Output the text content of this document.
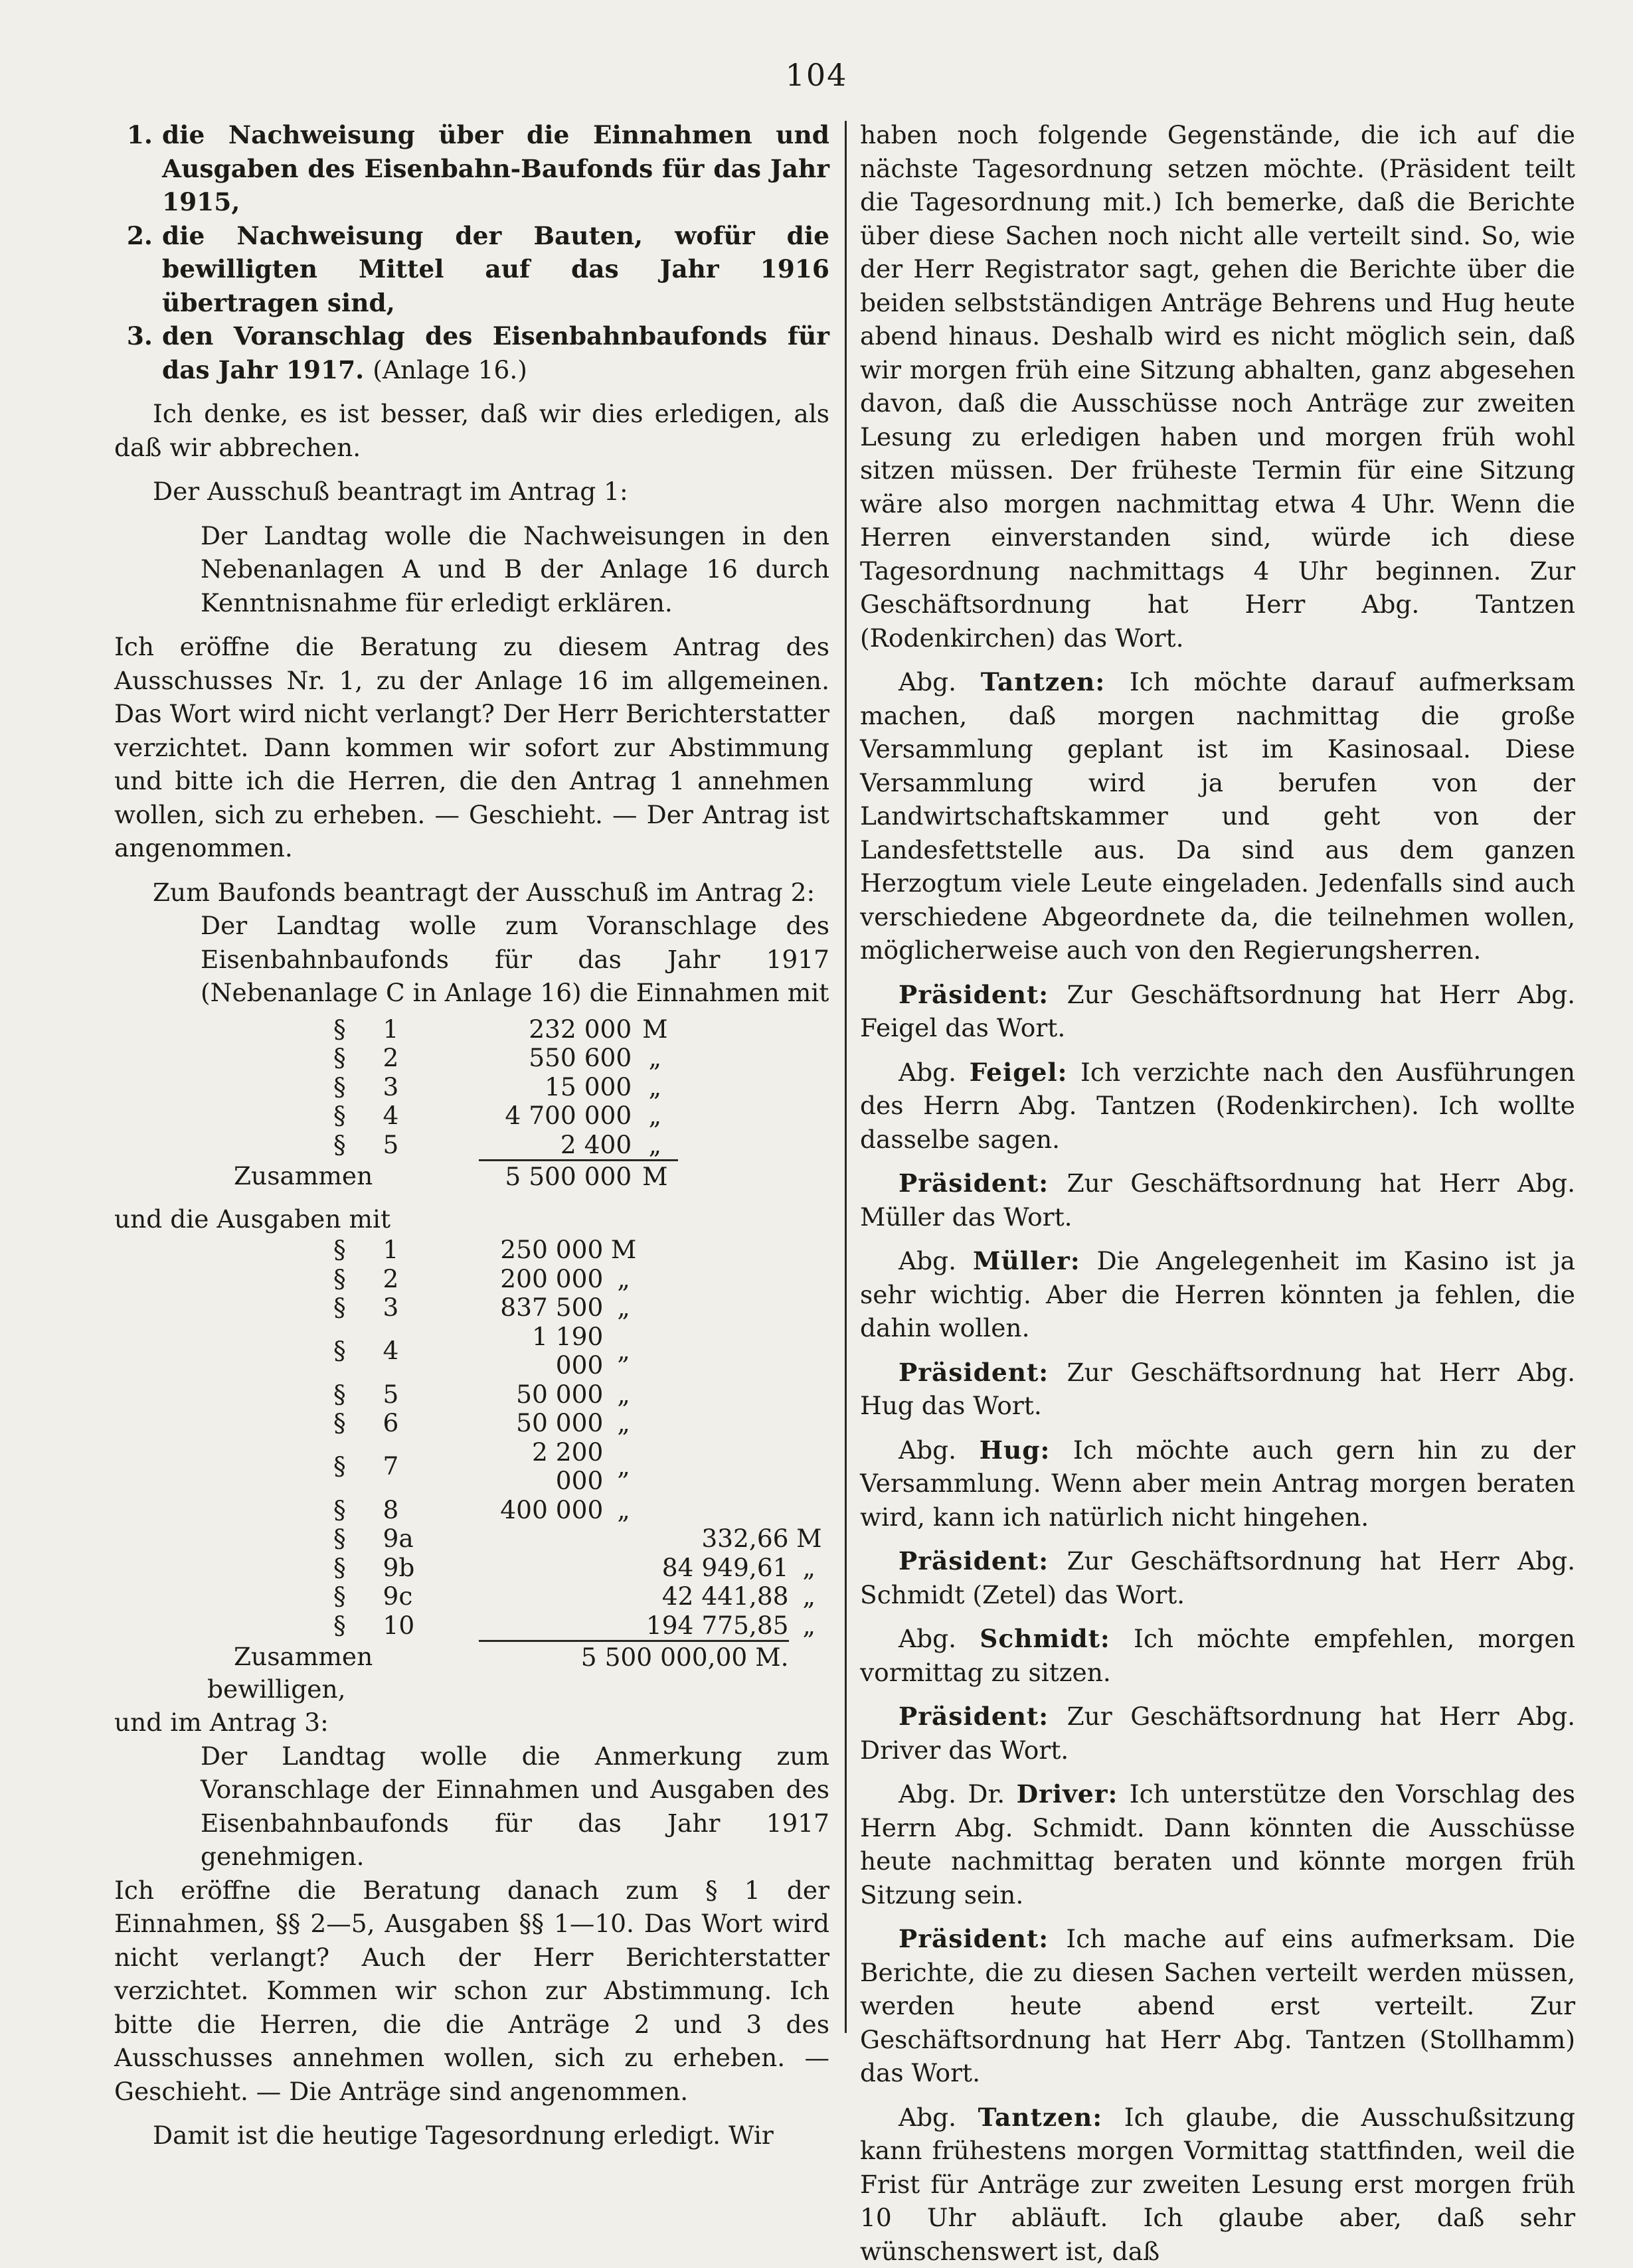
104
1. die Nachweisung über die Einnahmen und Ausgaben des Eisenbahn-Baufonds für das Jahr 1915,
2. die Nachweisung der Bauten, wofür die bewilligten Mittel auf das Jahr 1916 übertragen sind,
3. den Voranschlag des Eisenbahnbaufonds für das Jahr 1917. (Anlage 16.)

Ich denke, es ist besser, daß wir dies erledigen, als daß wir abbrechen.

Der Ausschuß beantragt im Antrag 1:

Der Landtag wolle die Nachweisungen in den Nebenanlagen A und B der Anlage 16 durch Kenntnisnahme für erledigt erklären.

Ich eröffne die Beratung zu diesem Antrag des Ausschusses Nr. 1, zu der Anlage 16 im allgemeinen. Das Wort wird nicht verlangt? Der Herr Berichterstatter verzichtet. Dann kommen wir sofort zur Abstimmung und bitte ich die Herren, die den Antrag 1 annehmen wollen, sich zu erheben. — Geschieht. — Der Antrag ist angenommen.

Zum Baufonds beantragt der Ausschuß im Antrag 2:

Der Landtag wolle zum Voranschlage des Eisenbahnbaufonds für das Jahr 1917 (Nebenanlage C in Anlage 16) die Einnahmen mit

§	1	232 000	M
§	2	550 600	„
§	3	15 000	„
§	4	4 700 000	„
§	5	2 400	„
Zusammen	5 500 000	M

und die Ausgaben mit

§	1	250 000	M		
§	2	200 000	„		
§	3	837 500	„		
§	4	1 190 000	„		
§	5	50 000	„		
§	6	50 000	„		
§	7	2 200 000	„		
§	8	400 000	„		
§	9a			332,66	M
§	9b			84 949,61	„
§	9c			42 441,88	„
§	10			194 775,85	„
Zusammen	5 500 000,00 M.

bewilligen,

und im Antrag 3:

Der Landtag wolle die Anmerkung zum Voranschlage der Einnahmen und Ausgaben des Eisenbahnbaufonds für das Jahr 1917 genehmigen.

Ich eröffne die Beratung danach zum § 1 der Einnahmen, §§ 2—5, Ausgaben §§ 1—10. Das Wort wird nicht verlangt? Auch der Herr Berichterstatter verzichtet. Kommen wir schon zur Abstimmung. Ich bitte die Herren, die die Anträge 2 und 3 des Ausschusses annehmen wollen, sich zu erheben. — Geschieht. — Die Anträge sind angenommen.

Damit ist die heutige Tagesordnung erledigt. Wir

haben noch folgende Gegenstände, die ich auf die nächste Tagesordnung setzen möchte. (Präsident teilt die Tagesordnung mit.) Ich bemerke, daß die Berichte über diese Sachen noch nicht alle verteilt sind. So, wie der Herr Registrator sagt, gehen die Berichte über die beiden selbstständigen Anträge Behrens und Hug heute abend hinaus. Deshalb wird es nicht möglich sein, daß wir morgen früh eine Sitzung abhalten, ganz abgesehen davon, daß die Ausschüsse noch Anträge zur zweiten Lesung zu erledigen haben und morgen früh wohl sitzen müssen. Der früheste Termin für eine Sitzung wäre also morgen nachmittag etwa 4 Uhr. Wenn die Herren einverstanden sind, würde ich diese Tagesordnung nachmittags 4 Uhr beginnen. Zur Geschäftsordnung hat Herr Abg. Tantzen (Rodenkirchen) das Wort.

Abg. Tantzen: Ich möchte darauf aufmerksam machen, daß morgen nachmittag die große Versammlung geplant ist im Kasinosaal. Diese Versammlung wird ja berufen von der Landwirtschaftskammer und geht von der Landesfettstelle aus. Da sind aus dem ganzen Herzogtum viele Leute eingeladen. Jedenfalls sind auch verschiedene Abgeordnete da, die teilnehmen wollen, möglicherweise auch von den Regierungsherren.

Präsident: Zur Geschäftsordnung hat Herr Abg. Feigel das Wort.

Abg. Feigel: Ich verzichte nach den Ausführungen des Herrn Abg. Tantzen (Rodenkirchen). Ich wollte dasselbe sagen.

Präsident: Zur Geschäftsordnung hat Herr Abg. Müller das Wort.

Abg. Müller: Die Angelegenheit im Kasino ist ja sehr wichtig. Aber die Herren könnten ja fehlen, die dahin wollen.

Präsident: Zur Geschäftsordnung hat Herr Abg. Hug das Wort.

Abg. Hug: Ich möchte auch gern hin zu der Versammlung. Wenn aber mein Antrag morgen beraten wird, kann ich natürlich nicht hingehen.

Präsident: Zur Geschäftsordnung hat Herr Abg. Schmidt (Zetel) das Wort.

Abg. Schmidt: Ich möchte empfehlen, morgen vormittag zu sitzen.

Präsident: Zur Geschäftsordnung hat Herr Abg. Driver das Wort.

Abg. Dr. Driver: Ich unterstütze den Vorschlag des Herrn Abg. Schmidt. Dann könnten die Ausschüsse heute nachmittag beraten und könnte morgen früh Sitzung sein.

Präsident: Ich mache auf eins aufmerksam. Die Berichte, die zu diesen Sachen verteilt werden müssen, werden heute abend erst verteilt. Zur Geschäftsordnung hat Herr Abg. Tantzen (Stollhamm) das Wort.

Abg. Tantzen: Ich glaube, die Ausschußsitzung kann frühestens morgen Vormittag stattfinden, weil die Frist für Anträge zur zweiten Lesung erst morgen früh 10 Uhr abläuft. Ich glaube aber, daß sehr wünschenswert ist, daß
